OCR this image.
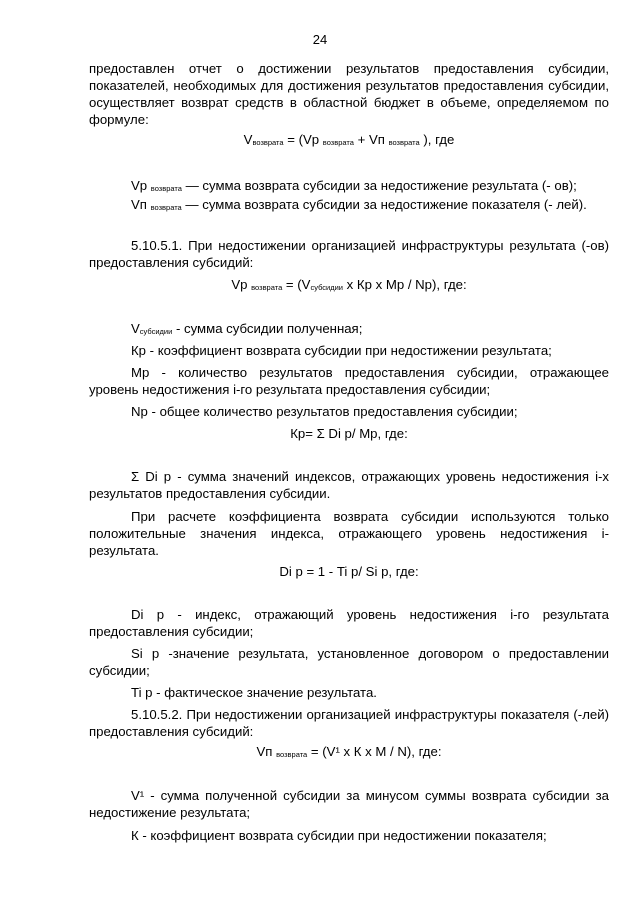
24
предоставлен отчет о достижении результатов предоставления субсидии, показателей, необходимых для достижения результатов предоставления субсидии, осуществляет возврат средств в областной бюджет в объеме, определяемом по формуле:
Vвозврата = (Vр возврата + Vп возврата ), где
Vр возврата — сумма возврата субсидии за недостижение результата (- ов);
Vп возврата — сумма возврата субсидии за недостижение показателя (- лей).
5.10.5.1. При недостижении организацией инфраструктуры результата (-ов) предоставления субсидий:
Vр возврата = (Vсубсидии х Кр х Мр / Nр), где:
Vсубсидии - сумма субсидии полученная;
Кр - коэффициент возврата субсидии при недостижении результата;
Мр - количество результатов предоставления субсидии, отражающее уровень недостижения i-го результата предоставления субсидии;
Nр - общее количество результатов предоставления субсидии;
Кр= Σ Di р/ Мр, где:
Σ Di р - сумма значений индексов, отражающих уровень недостижения i-х результатов предоставления субсидии.
При расчете коэффициента возврата субсидии используются только положительные значения индекса, отражающего уровень недостижения i-результата.
Di р = 1 - Ti р/ Si р, где:
Di р - индекс, отражающий уровень недостижения i-го результата предоставления субсидии;
Si р -значение результата, установленное договором о предоставлении субсидии;
Ti р - фактическое значение результата.
5.10.5.2. При недостижении организацией инфраструктуры показателя (-лей) предоставления субсидий:
Vп возврата = (V¹ х К х М / N), где:
V¹ - сумма полученной субсидии за минусом суммы возврата субсидии за недостижение результата;
К - коэффициент возврата субсидии при недостижении показателя;
